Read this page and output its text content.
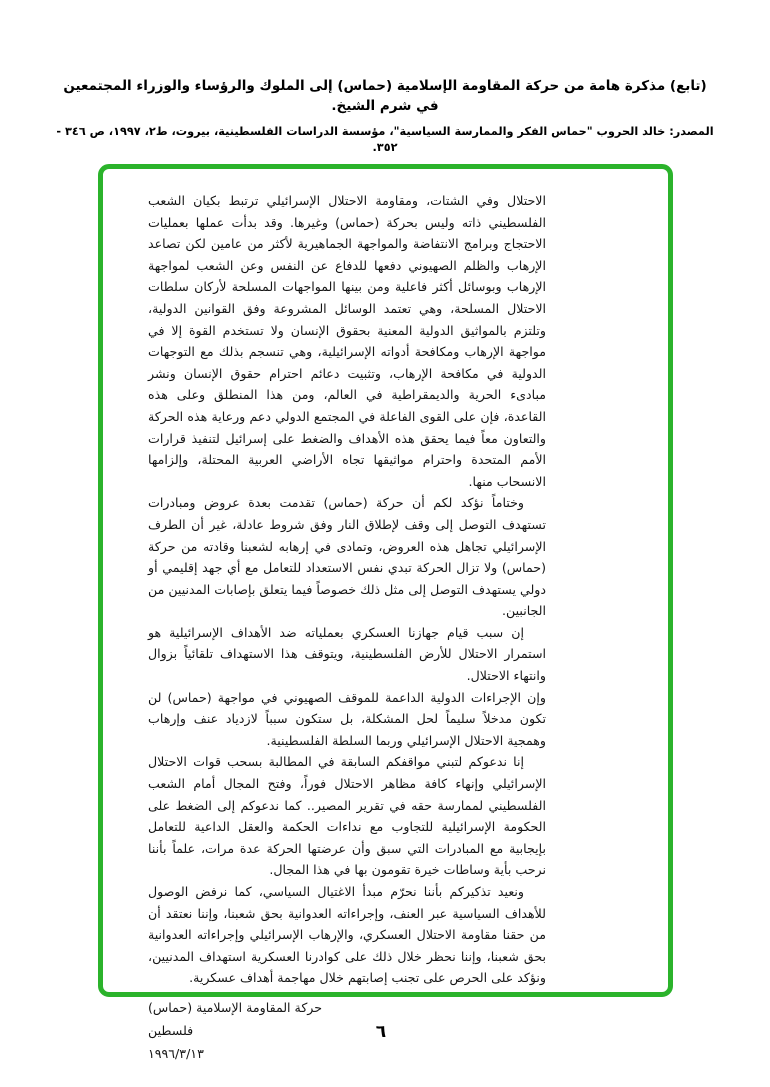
(تابع) مذكرة هامة من حركة المقاومة الإسلامية (حماس) إلى الملوك والرؤساء والوزراء المجتمعين في شرم الشيخ.
المصدر: خالد الحروب "حماس الفكر والممارسة السياسية"، مؤسسة الدراسات الفلسطينية، بيروت، ط٢، ١٩٩٧، ص ٣٤٦ - ٣٥٢.

الاحتلال وفي الشتات، ومقاومة الاحتلال الإسرائيلي ترتبط بكيان الشعب الفلسطيني ذاته وليس بحركة (حماس) وغيرها. وقد بدأت عملها بعمليات الاحتجاج وبرامج الانتفاضة والمواجهة الجماهيرية لأكثر من عامين لكن تصاعد الإرهاب والظلم الصهيوني دفعها للدفاع عن النفس وعن الشعب لمواجهة الإرهاب وبوسائل أكثر فاعلية ومن بينها المواجهات المسلحة لأركان سلطات الاحتلال المسلحة، وهي تعتمد الوسائل المشروعة وفق القوانين الدولية، وتلتزم بالمواثيق الدولية المعنية بحقوق الإنسان ولا تستخدم القوة إلا في مواجهة الإرهاب ومكافحة أدواته الإسرائيلية، وهي تنسجم بذلك مع التوجهات الدولية في مكافحة الإرهاب، وتثبيت دعائم احترام حقوق الإنسان ونشر مبادىء الحرية والديمقراطية في العالم، ومن هذا المنطلق وعلى هذه القاعدة، فإن على القوى الفاعلة في المجتمع الدولي دعم ورعاية هذه الحركة والتعاون معاً فيما يحقق هذه الأهداف والضغط على إسرائيل لتنفيذ قرارات الأمم المتحدة واحترام مواثيقها تجاه الأراضي العربية المحتلة، وإلزامها الانسحاب منها.

وختاماً نؤكد لكم أن حركة (حماس) تقدمت بعدة عروض ومبادرات تستهدف التوصل إلى وقف لإطلاق النار وفق شروط عادلة، غير أن الطرف الإسرائيلي تجاهل هذه العروض، وتمادى في إرهابه لشعبنا وقادته من حركة (حماس) ولا تزال الحركة تبدي نفس الاستعداد للتعامل مع أي جهد إقليمي أو دولي يستهدف التوصل إلى مثل ذلك خصوصاً فيما يتعلق بإصابات المدنيين من الجانبين.

إن سبب قيام جهازنا العسكري بعملياته ضد الأهداف الإسرائيلية هو استمرار الاحتلال للأرض الفلسطينية، ويتوقف هذا الاستهداف تلقائياً بزوال وانتهاء الاحتلال.

وإن الإجراءات الدولية الداعمة للموقف الصهيوني في مواجهة (حماس) لن تكون مدخلاً سليماً لحل المشكلة، بل ستكون سبباً لازدياد عنف وإرهاب وهمجية الاحتلال الإسرائيلي وربما السلطة الفلسطينية.

إنا ندعوكم لتبني مواقفكم السابقة في المطالبة بسحب قوات الاحتلال الإسرائيلي وإنهاء كافة مظاهر الاحتلال فوراً، وفتح المجال أمام الشعب الفلسطيني لممارسة حقه في تقرير المصير.. كما ندعوكم إلى الضغط على الحكومة الإسرائيلية للتجاوب مع نداءات الحكمة والعقل الداعية للتعامل بإيجابية مع المبادرات التي سبق وأن عرضتها الحركة عدة مرات، علماً بأننا نرحب بأية وساطات خيرة تقومون بها في هذا المجال.

ونعيد تذكيركم بأننا نحرّم مبدأ الاغتيال السياسي، كما نرفض الوصول للأهداف السياسية عبر العنف، وإجراءاته العدوانية بحق شعبنا، وإننا نعتقد أن من حقنا مقاومة الاحتلال العسكري، والإرهاب الإسرائيلي وإجراءاته العدوانية بحق شعبنا، وإننا نحظر خلال ذلك على كوادرنا العسكرية استهداف المدنيين، ونؤكد على الحرص على تجنب إصابتهم خلال مهاجمة أهداف عسكرية.

حركة المقاومة الإسلامية (حماس)
فلسطين
١٩٩٦/٣/١٣
٦
